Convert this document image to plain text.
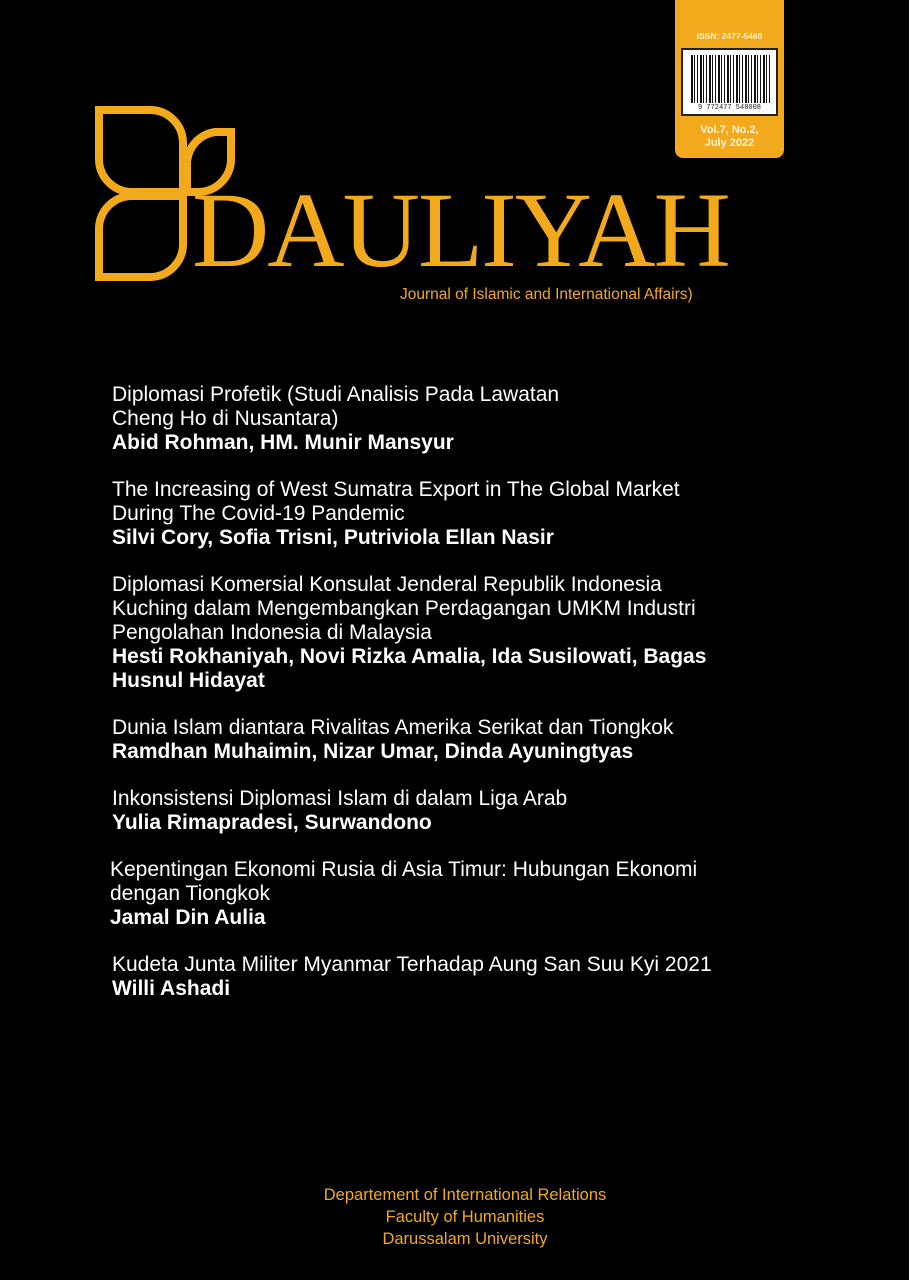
ISSN: 2477-5460
9 772477 548008
Vol.7, No.2,
July 2022
DAULIYAH
Journal of Islamic and International Affairs)
Diplomasi Profetik (Studi Analisis Pada Lawatan
Cheng Ho di Nusantara)
Abid Rohman, HM. Munir Mansyur
The Increasing of West Sumatra Export in The Global Market
During The Covid-19 Pandemic
Silvi Cory, Sofia Trisni, Putriviola Ellan Nasir
Diplomasi Komersial Konsulat Jenderal Republik Indonesia
Kuching dalam Mengembangkan Perdagangan UMKM Industri
Pengolahan Indonesia di Malaysia
Hesti Rokhaniyah, Novi Rizka Amalia, Ida Susilowati, Bagas
Husnul Hidayat
Dunia Islam diantara Rivalitas Amerika Serikat dan Tiongkok
Ramdhan Muhaimin, Nizar Umar, Dinda Ayuningtyas
Inkonsistensi Diplomasi Islam di dalam Liga Arab
Yulia Rimapradesi, Surwandono
Kepentingan Ekonomi Rusia di Asia Timur: Hubungan Ekonomi
dengan Tiongkok
Jamal Din Aulia
Kudeta Junta Militer Myanmar Terhadap Aung San Suu Kyi 2021
Willi Ashadi
Departement of International Relations
Faculty of Humanities
Darussalam University
